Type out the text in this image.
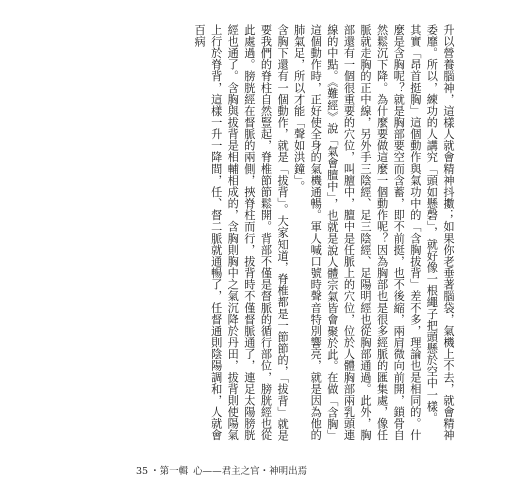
升以營養腦神，這樣人就會精神抖擻；如果你老垂著腦袋，氣機上不去，就會精神委靡。所以，練功的人講究「頭如懸磬」，就好像一根繩子把頭懸於空中一樣。

其實「昂首挺胸」這個動作與氣功中的「含胸拔背」差不多，理論也是相同的。什麼是含胸呢？就是胸部要空而含蓄，即不前挺，也不後縮，兩肩微向前開，鎖骨自然鬆沉下降。為什麼要做這麼一個動作呢？因為胸部也是很多經脈的匯集處，像任脈就走胸的正中線，另外手三陰經、足三陰經、足陽明經也從胸部通過。此外，胸部還有一個很重要的穴位，叫膻中，膻中是任脈上的穴位，位於人體胸部兩乳頭連線的中點。《難經》說「氣會膻中」，也就是說人體宗氣皆會聚於此。在做「含胸」這個動作時，正好使全身的氣機通暢。軍人喊口號時聲音特別響亮，就是因為他的肺氣足，所以才能「聲如洪鐘」。

含胸下還有一個動作，就是「拔背」。大家知道，脊椎都是一節節的，「拔背」就是要我們的脊柱自然豎起，脊椎節節鬆開。背部不僅是督脈的循行部位，膀胱經也從此處過。膀胱經在督脈的兩側，挾脊柱而行，拔背時不僅督脈通了，連足太陽膀胱經也通了。含胸與拔背是相輔相成的，含胸則胸中之氣沉降於丹田，拔背則使陽氣上行於脊背，這樣一升一降間，任、督二脈就通暢了，任督通則陰陽調和，人就會百病

35 ・第一輯 心——君主之官・神明出焉
